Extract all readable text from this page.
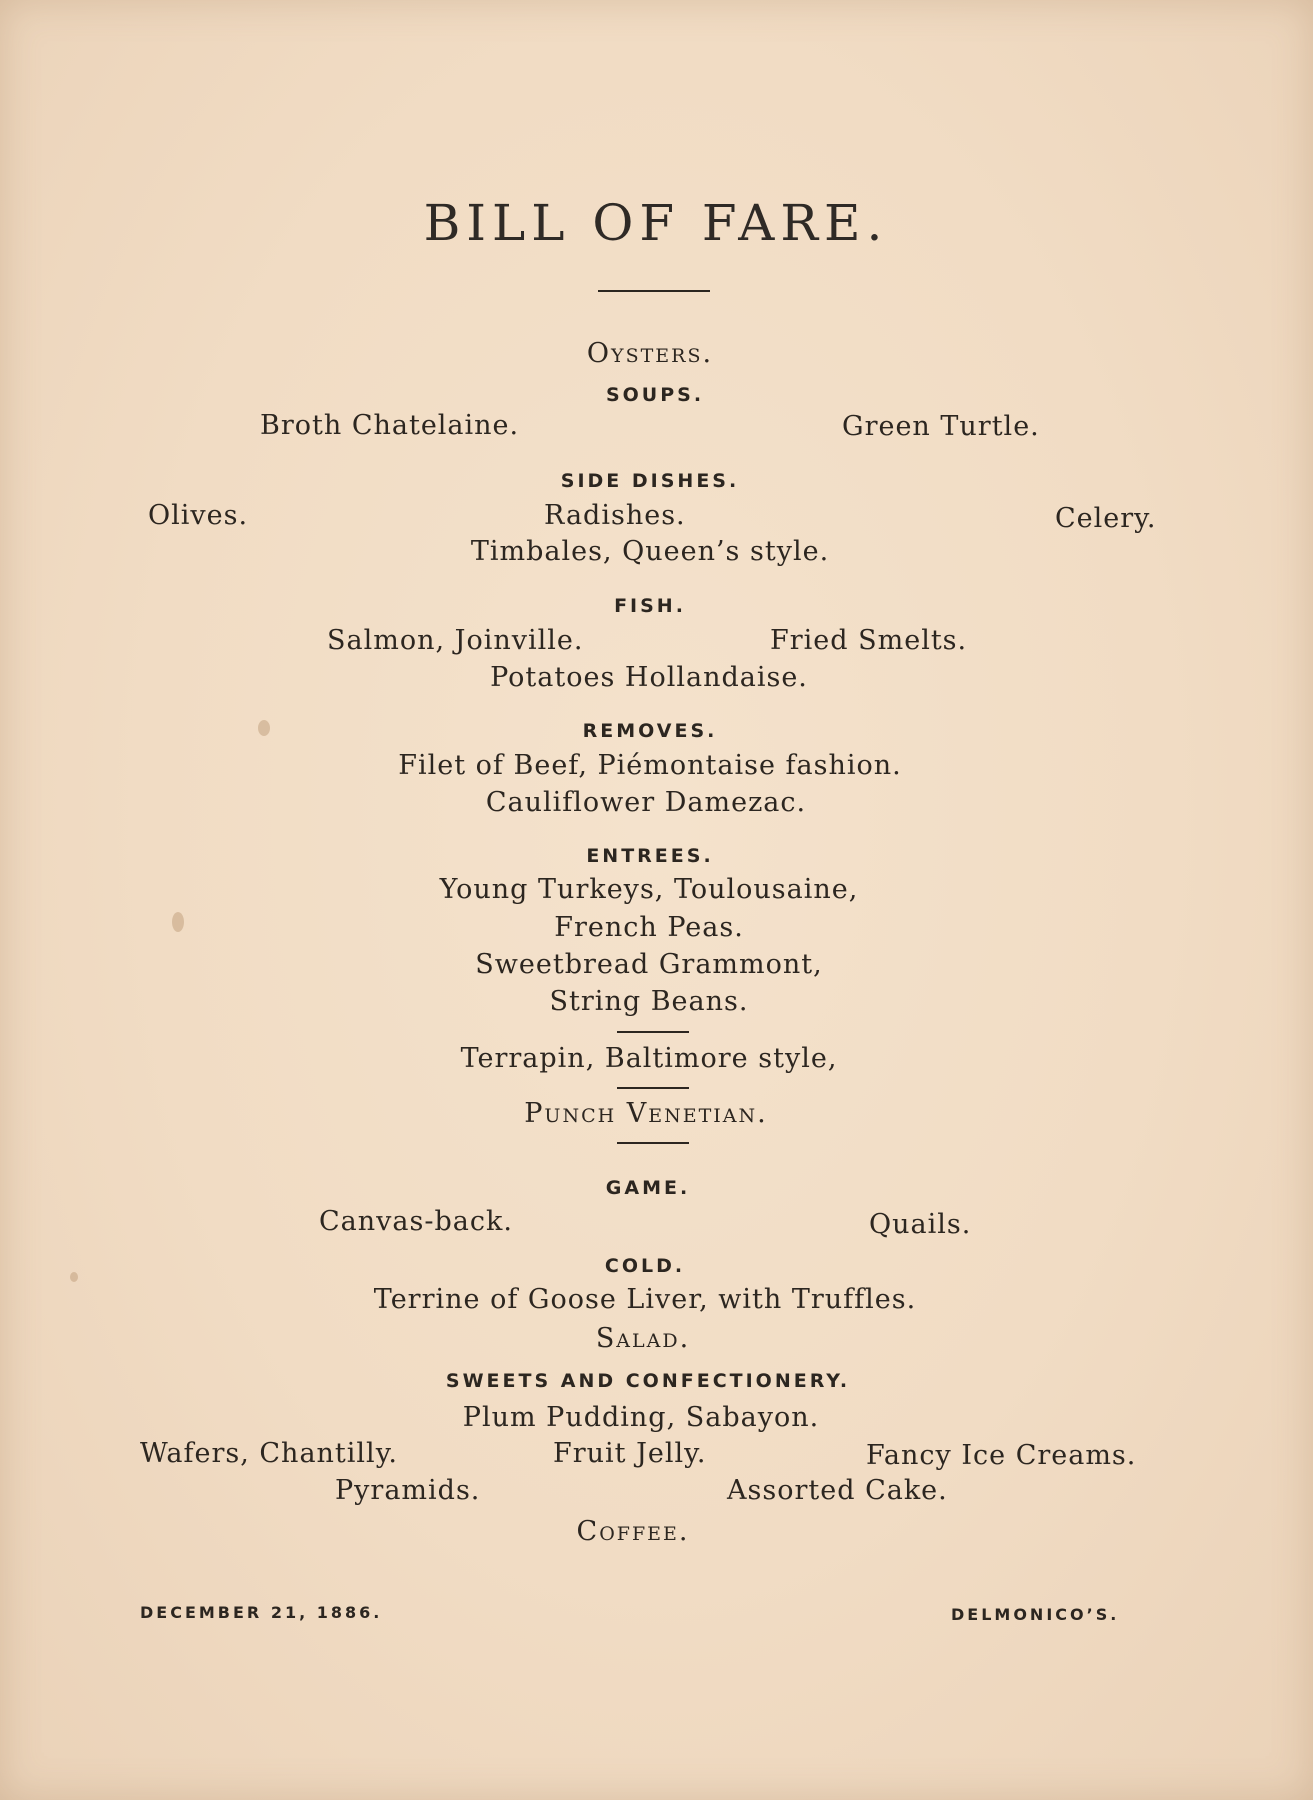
BILL OF FARE.
Oysters.
SOUPS.
Broth Chatelaine.	Green Turtle.
SIDE DISHES.
Olives.	Radishes.	Celery.
Timbales, Queen’s style.
FISH.
Salmon, Joinville.	Fried Smelts.
Potatoes Hollandaise.
REMOVES.
Filet of Beef, Piémontaise fashion.
Cauliflower Damezac.
ENTREES.
Young Turkeys, Toulousaine,
French Peas.
Sweetbread Grammont,
String Beans.
Terrapin, Baltimore style,
Punch Venetian.
GAME.
Canvas-back.	Quails.
COLD.
Terrine of Goose Liver, with Truffles.
Salad.
SWEETS AND CONFECTIONERY.
Plum Pudding, Sabayon.
Wafers, Chantilly.	Fruit Jelly.	Fancy Ice Creams.
Pyramids.	Assorted Cake.
Coffee.
DECEMBER 21, 1886.	DELMONICO’S.
